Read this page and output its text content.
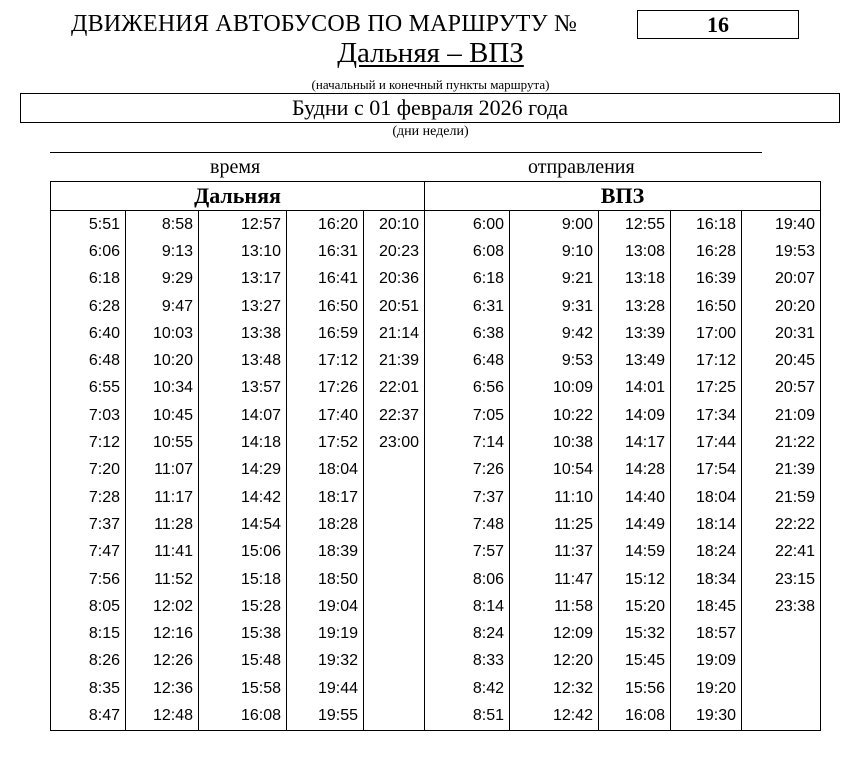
ДВИЖЕНИЯ АВТОБУСОВ ПО МАРШРУТУ №	16
Дальняя – ВПЗ
(начальный и конечный пункты маршрута)
Будни с 01 февраля 2026 года
(дни недели)
время	отправления
Дальняя					ВПЗ				
5:51	8:58	12:57	16:20	20:10	6:00	9:00	12:55	16:18	19:40
6:06	9:13	13:10	16:31	20:23	6:08	9:10	13:08	16:28	19:53
6:18	9:29	13:17	16:41	20:36	6:18	9:21	13:18	16:39	20:07
6:28	9:47	13:27	16:50	20:51	6:31	9:31	13:28	16:50	20:20
6:40	10:03	13:38	16:59	21:14	6:38	9:42	13:39	17:00	20:31
6:48	10:20	13:48	17:12	21:39	6:48	9:53	13:49	17:12	20:45
6:55	10:34	13:57	17:26	22:01	6:56	10:09	14:01	17:25	20:57
7:03	10:45	14:07	17:40	22:37	7:05	10:22	14:09	17:34	21:09
7:12	10:55	14:18	17:52	23:00	7:14	10:38	14:17	17:44	21:22
7:20	11:07	14:29	18:04		7:26	10:54	14:28	17:54	21:39
7:28	11:17	14:42	18:17		7:37	11:10	14:40	18:04	21:59
7:37	11:28	14:54	18:28		7:48	11:25	14:49	18:14	22:22
7:47	11:41	15:06	18:39		7:57	11:37	14:59	18:24	22:41
7:56	11:52	15:18	18:50		8:06	11:47	15:12	18:34	23:15
8:05	12:02	15:28	19:04		8:14	11:58	15:20	18:45	23:38
8:15	12:16	15:38	19:19		8:24	12:09	15:32	18:57	
8:26	12:26	15:48	19:32		8:33	12:20	15:45	19:09	
8:35	12:36	15:58	19:44		8:42	12:32	15:56	19:20	
8:47	12:48	16:08	19:55		8:51	12:42	16:08	19:30	
